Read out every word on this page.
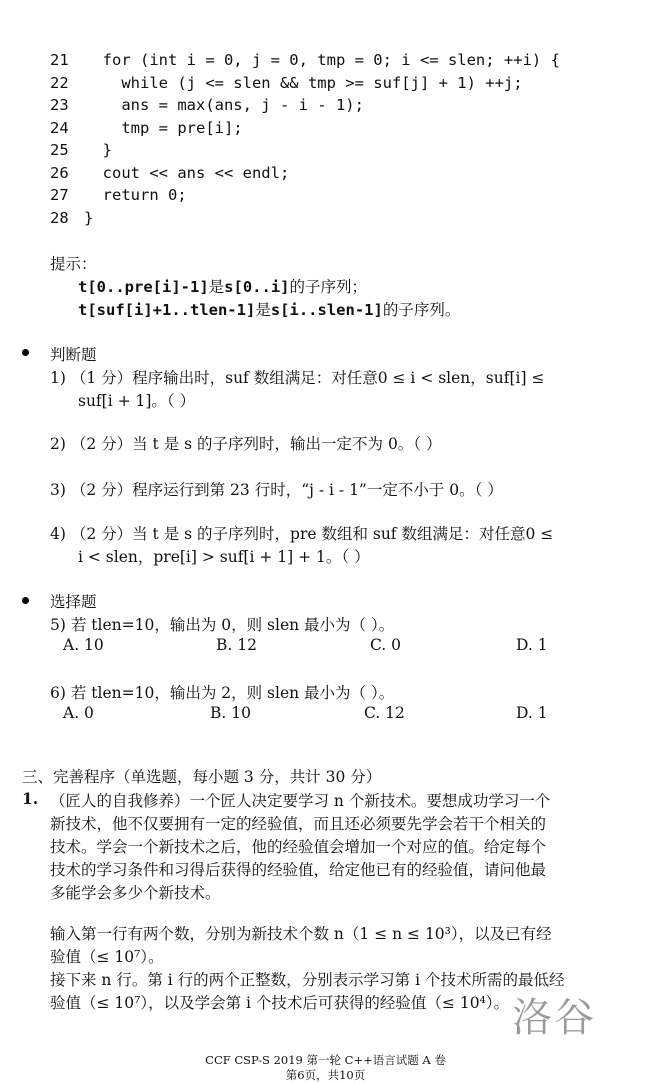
21  for (int i = 0, j = 0, tmp = 0; i <= slen; ++i) {
22    while (j <= slen && tmp >= suf[j] + 1) ++j;
23    ans = max(ans, j - i - 1);
24    tmp = pre[i];
25  }
26  cout << ans << endl;
27  return 0;
28 }
提示：
t[0..pre[i]-1]是s[0..i]的子序列；
t[suf[i]+1..tlen-1]是s[i..slen-1]的子序列。
判断题
1) （1 分）程序输出时，suf 数组满足：对任意0 ≤ i < slen，suf[i] ≤
suf[i + 1]。（ ）
2) （2 分）当 t 是 s 的子序列时，输出一定不为 0。（ ）
3) （2 分）程序运行到第 23 行时，“j - i - 1”一定不小于 0。（ ）
4) （2 分）当 t 是 s 的子序列时，pre 数组和 suf 数组满足：对任意0 ≤
i < slen，pre[i] > suf[i + 1] + 1。（ ）
选择题
5) 若 tlen=10，输出为 0，则 slen 最小为（ ）。
A. 10	B. 12	C. 0	D. 1
6) 若 tlen=10，输出为 2，则 slen 最小为（ ）。
A. 0	B. 10	C. 12	D. 1
三、完善程序（单选题，每小题 3 分，共计 30 分）
1. （匠人的自我修养）一个匠人决定要学习 n 个新技术。要想成功学习一个
新技术，他不仅要拥有一定的经验值，而且还必须要先学会若干个相关的
技术。学会一个新技术之后，他的经验值会增加一个对应的值。给定每个
技术的学习条件和习得后获得的经验值，给定他已有的经验值，请问他最
多能学会多少个新技术。
输入第一行有两个数，分别为新技术个数 n（1 ≤ n ≤ 10³），以及已有经
验值（≤ 10⁷）。
接下来 n 行。第 i 行的两个正整数，分别表示学习第 i 个技术所需的最低经
验值（≤ 10⁷），以及学会第 i 个技术后可获得的经验值（≤ 10⁴）。 洛谷
CCF CSP-S 2019 第一轮 C++语言试题 A 卷
第6页，共10页
